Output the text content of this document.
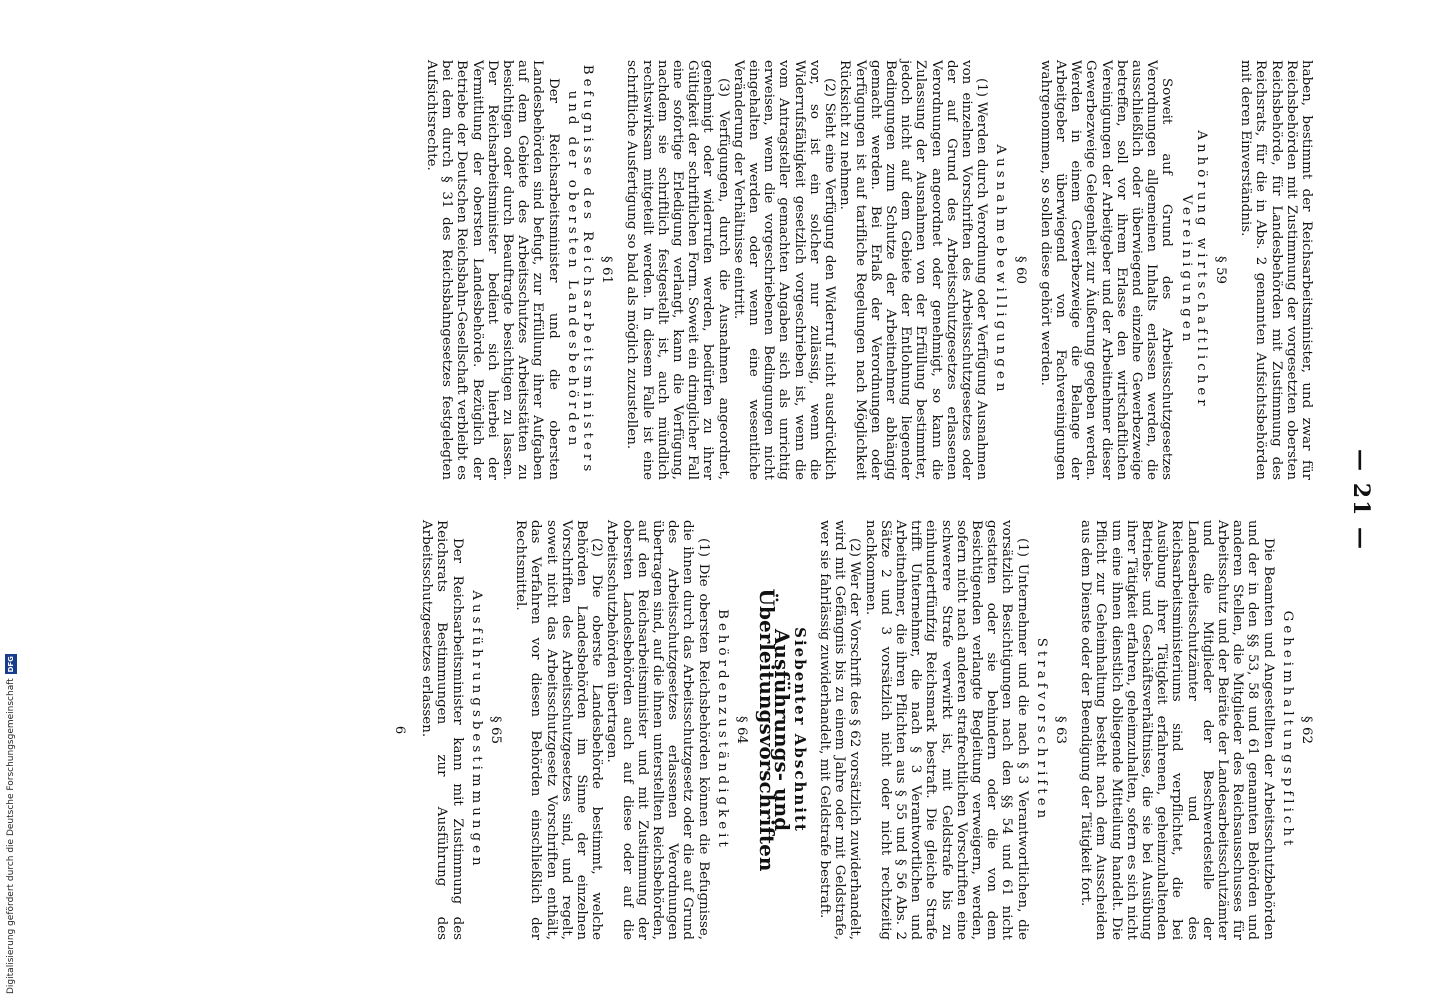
— 21 —

haben, bestimmt der Reichsarbeitsminister, und zwar für Reichsbehörden mit Zustimmung der vorgesetzten obersten Reichsbehörde, für Landesbehörden mit Zustimmung des Reichsrats, für die in Abs. 2 genannten Aufsichtsbehörden mit deren Einverständnis.

§ 59
Anhörung wirtschaftlicher Vereinigungen

Soweit auf Grund des Arbeitsschutzgesetzes Verordnungen allgemeinen Inhalts erlassen werden, die ausschließlich oder überwiegend einzelne Gewerbezweige betreffen, soll vor ihrem Erlasse den wirtschaftlichen Vereinigungen der Arbeitgeber und der Arbeitnehmer dieser Gewerbezweige Gelegenheit zur Äußerung gegeben werden. Werden in einem Gewerbezweige die Belange der Arbeitgeber überwiegend von Fachvereinigungen wahrgenommen, so sollen diese gehört werden.

§ 60
Ausnahmebewilligungen

(1) Werden durch Verordnung oder Verfügung Ausnahmen von einzelnen Vorschriften des Arbeitsschutzgesetzes oder der auf Grund des Arbeitsschutzgesetzes erlassenen Verordnungen angeordnet oder genehmigt, so kann die Zulassung der Ausnahmen von der Erfüllung bestimmter, jedoch nicht auf dem Gebiete der Entlohnung liegender Bedingungen zum Schutze der Arbeitnehmer abhängig gemacht werden. Bei Erlaß der Verordnungen oder Verfügungen ist auf tarifliche Regelungen nach Möglichkeit Rücksicht zu nehmen.

(2) Sieht eine Verfügung den Widerruf nicht ausdrücklich vor, so ist ein solcher nur zulässig, wenn die Widerrufsfähigkeit gesetzlich vorgeschrieben ist, wenn die vom Antragsteller gemachten Angaben sich als unrichtig erweisen, wenn die vorgeschriebenen Bedingungen nicht eingehalten werden oder wenn eine wesentliche Veränderung der Verhältnisse eintritt.

(3) Verfügungen, durch die Ausnahmen angeordnet, genehmigt oder widerrufen werden, bedürfen zu ihrer Gültigkeit der schriftlichen Form. Soweit ein dringlicher Fall eine sofortige Erledigung verlangt, kann die Verfügung, nachdem sie schriftlich festgestellt ist, auch mündlich rechtswirksam mitgeteilt werden. In diesem Falle ist eine schriftliche Ausfertigung so bald als möglich zuzustellen.

§ 61
Befugnisse des Reichsarbeitsministers und der obersten Landesbehörden

Der Reichsarbeitsminister und die obersten Landesbehörden sind befugt, zur Erfüllung ihrer Aufgaben auf dem Gebiete des Arbeitsschutzes Arbeitsstätten zu besichtigen oder durch Beauftragte besichtigen zu lassen. Der Reichsarbeitsminister bedient sich hierbei der Vermittlung der obersten Landesbehörde. Bezüglich der Betriebe der Deutschen Reichsbahn-Gesellschaft verbleibt es bei dem durch § 31 des Reichsbahngesetzes festgelegten Aufsichtsrechte.

§ 62
Geheimhaltungspflicht

Die Beamten und Angestellten der Arbeitsschutzbehörden und der in den §§ 53, 58 und 61 genannten Behörden und anderen Stellen, die Mitglieder des Reichsausschusses für Arbeitsschutz und der Beiräte der Landesarbeitsschutzämter und die Mitglieder der Beschwerdestelle der Landesarbeitsschutzämter und des Reichsarbeitsministeriums sind verpflichtet, die bei Ausübung ihrer Tätigkeit erfahrenen, geheimzuhaltenden Betriebs- und Geschäftsverhältnisse, die sie bei Ausübung ihrer Tätigkeit erfahren, geheimzuhalten, sofern es sich nicht um eine ihnen dienstlich obliegende Mitteilung handelt. Die Pflicht zur Geheimhaltung besteht nach dem Ausscheiden aus dem Dienste oder der Beendigung der Tätigkeit fort.

§ 63
Strafvorschriften

(1) Unternehmer und die nach § 3 Verantwortlichen, die vorsätzlich Besichtigungen nach den §§ 54 und 61 nicht gestatten oder sie behindern oder die von dem Besichtigenden verlangte Begleitung verweigern, werden, sofern nicht nach anderen strafrechtlichen Vorschriften eine schwerere Strafe verwirkt ist, mit Geldstrafe bis zu einhundertfünfzig Reichsmark bestraft. Die gleiche Strafe trifft Unternehmer, die nach § 3 Verantwortlichen und Arbeitnehmer, die ihren Pflichten aus § 55 und § 56 Abs. 2 Sätze 2 und 3 vorsätzlich nicht oder nicht rechtzeitig nachkommen.

(2) Wer der Vorschrift des § 62 vorsätzlich zuwiderhandelt, wird mit Gefängnis bis zu einem Jahre oder mit Geldstrafe, wer sie fahrlässig zuwiderhandelt, mit Geldstrafe bestraft.

Siebenter Abschnitt
Ausführungs- und Überleitungsvorschriften
§ 64
Behördenzuständigkeit

(1) Die obersten Reichsbehörden können die Befugnisse, die ihnen durch das Arbeitsschutzgesetz oder die auf Grund des Arbeitsschutzgesetzes erlassenen Verordnungen übertragen sind, auf die ihnen unterstellten Reichsbehörden, auf den Reichsarbeitsminister und mit Zustimmung der obersten Landesbehörden auch auf diese oder auf die Arbeitsschutzbehörden übertragen.

(2) Die oberste Landesbehörde bestimmt, welche Behörden Landesbehörden im Sinne der einzelnen Vorschriften des Arbeitsschutzgesetzes sind, und regelt, soweit nicht das Arbeitsschutzgesetz Vorschriften enthält, das Verfahren vor diesen Behörden einschließlich der Rechtsmittel.

§ 65
Ausführungsbestimmungen

Der Reichsarbeitsminister kann mit Zustimmung des Reichsrats Bestimmungen zur Ausführung des Arbeitsschutzgesetzes erlassen.

6
Digitalisierung gefördert durch die Deutsche Forschungsgemeinschaft
DFG
